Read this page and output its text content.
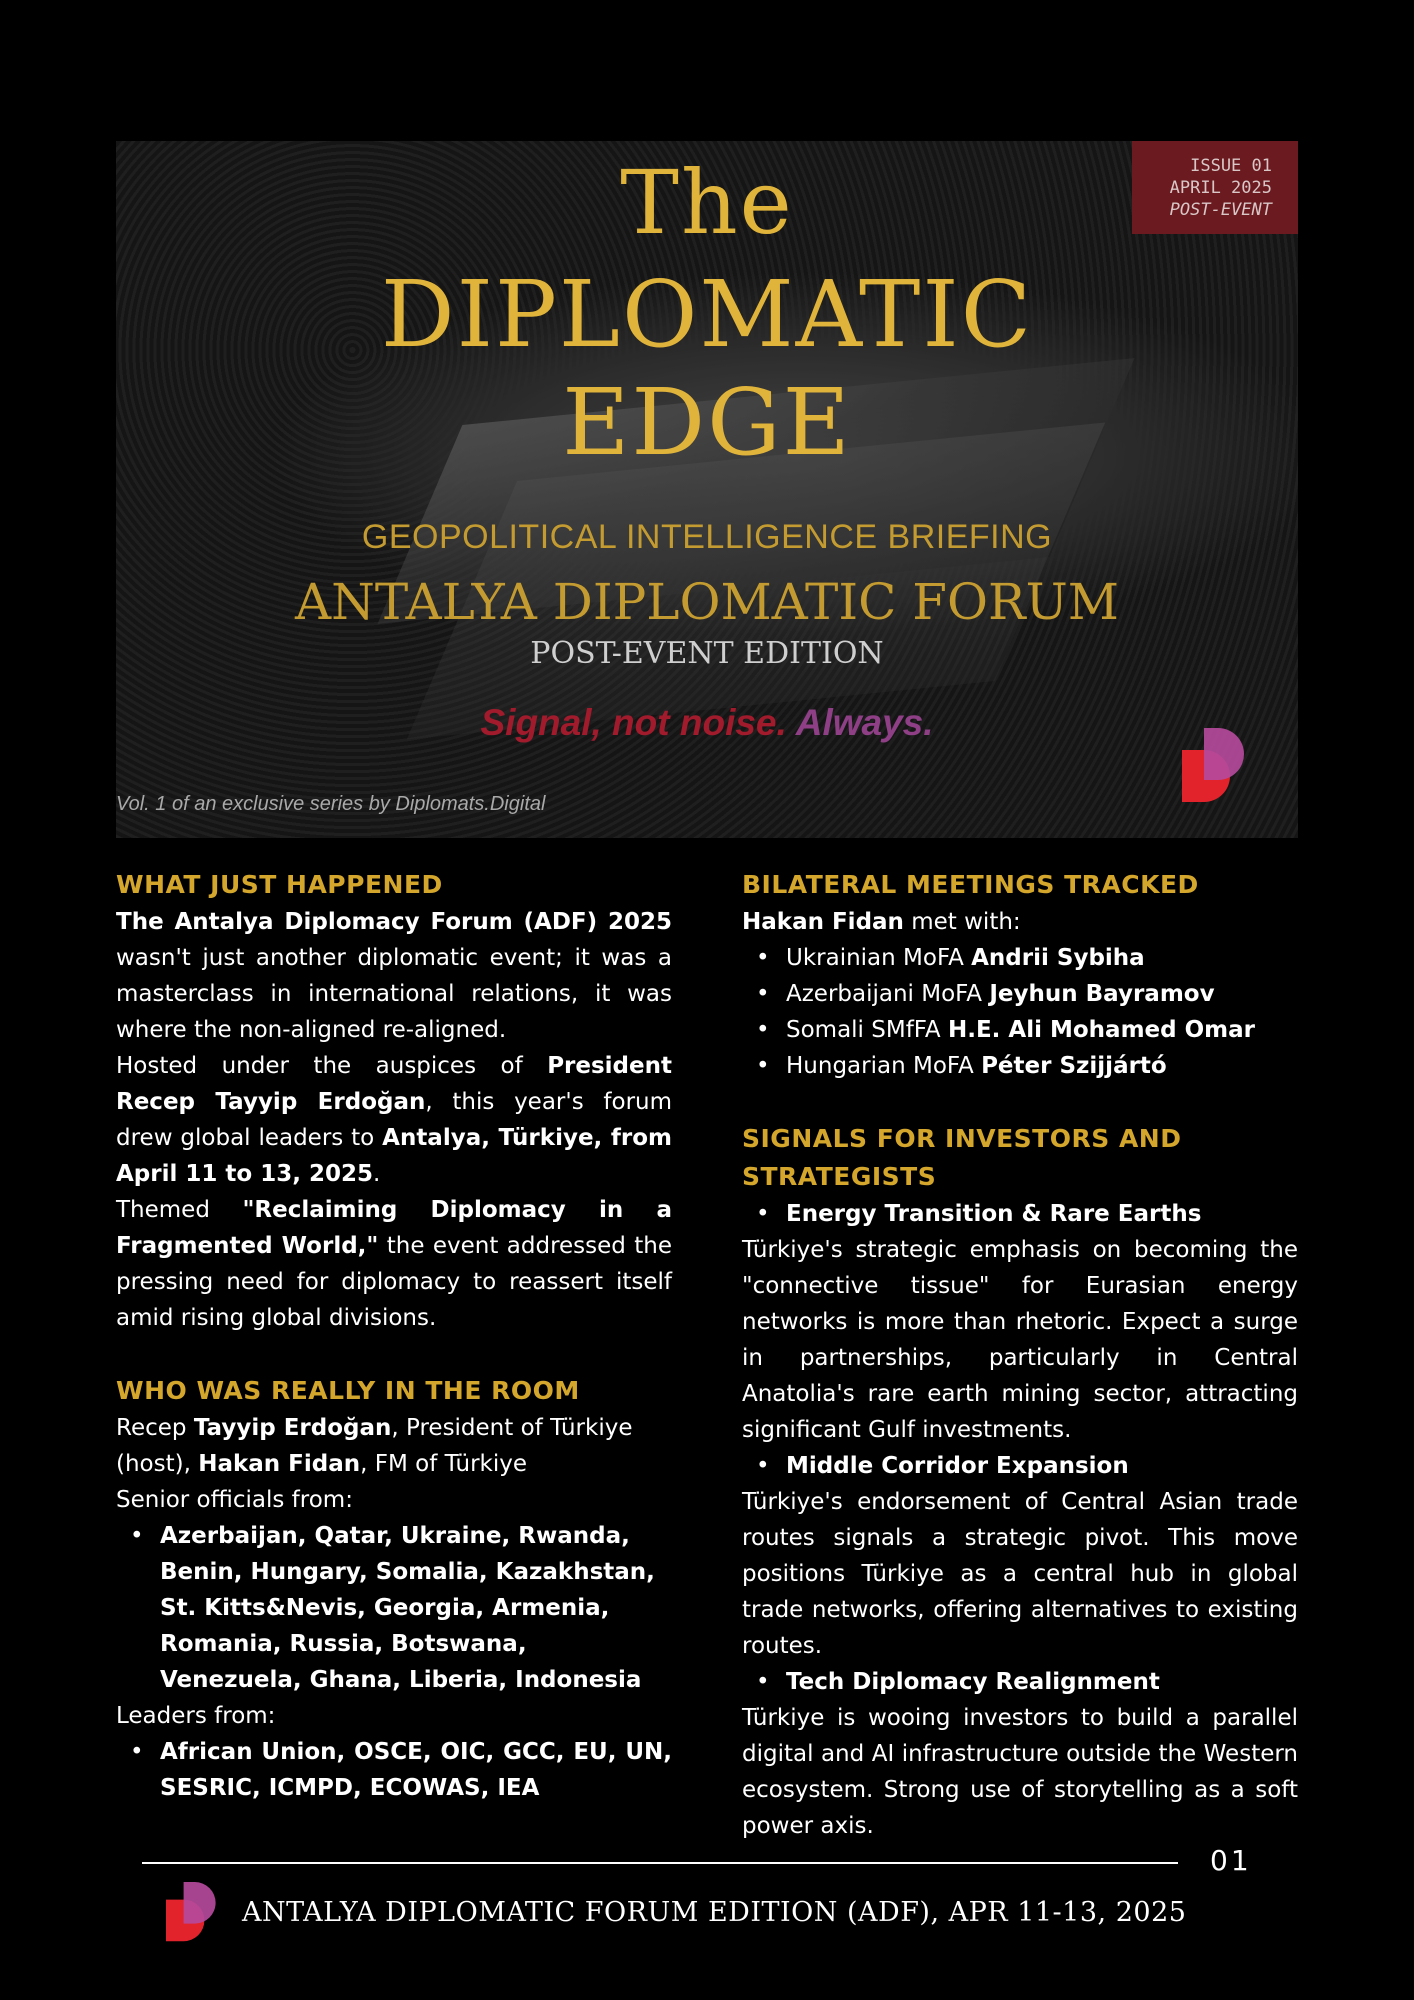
ISSUE 01
APRIL 2025
POST-EVENT
The
DIPLOMATIC
EDGE
GEOPOLITICAL INTELLIGENCE BRIEFING
ANTALYA DIPLOMATIC FORUM
POST-EVENT EDITION
Signal, not noise. Always.
Vol. 1 of an exclusive series by Diplomats.Digital
WHAT JUST HAPPENED

The Antalya Diplomacy Forum (ADF) 2025 wasn't just another diplomatic event; it was a masterclass in international relations, it was where the non-aligned re-aligned.

Hosted under the auspices of President Recep Tayyip Erdoğan, this year's forum drew global leaders to Antalya, Türkiye, from April 11 to 13, 2025.

Themed "Reclaiming Diplomacy in a Fragmented World," the event addressed the pressing need for diplomacy to reassert itself amid rising global divisions.

WHO WAS REALLY IN THE ROOM

Recep Tayyip Erdoğan, President of Türkiye (host), Hakan Fidan, FM of Türkiye

Senior officials from:

• Azerbaijan, Qatar, Ukraine, Rwanda, Benin, Hungary, Somalia, Kazakhstan, St. Kitts&Nevis, Georgia, Armenia, Romania, Russia, Botswana, Venezuela, Ghana, Liberia, Indonesia

Leaders from:

• African Union, OSCE, OIC, GCC, EU, UN, SESRIC, ICMPD, ECOWAS, IEA
BILATERAL MEETINGS TRACKED

Hakan Fidan met with:

• Ukrainian MoFA Andrii Sybiha
• Azerbaijani MoFA Jeyhun Bayramov
• Somali SMfFA H.E. Ali Mohamed Omar
• Hungarian MoFA Péter Szijjártó
SIGNALS FOR INVESTORS AND STRATEGISTS
• Energy Transition & Rare Earths

Türkiye's strategic emphasis on becoming the "connective tissue" for Eurasian energy networks is more than rhetoric. Expect a surge in partnerships, particularly in Central Anatolia's rare earth mining sector, attracting significant Gulf investments.

• Middle Corridor Expansion

Türkiye's endorsement of Central Asian trade routes signals a strategic pivot. This move positions Türkiye as a central hub in global trade networks, offering alternatives to existing routes.

• Tech Diplomacy Realignment

Türkiye is wooing investors to build a parallel digital and AI infrastructure outside the Western ecosystem. Strong use of storytelling as a soft power axis.

01
ANTALYA DIPLOMATIC FORUM EDITION (ADF), APR 11-13, 2025
